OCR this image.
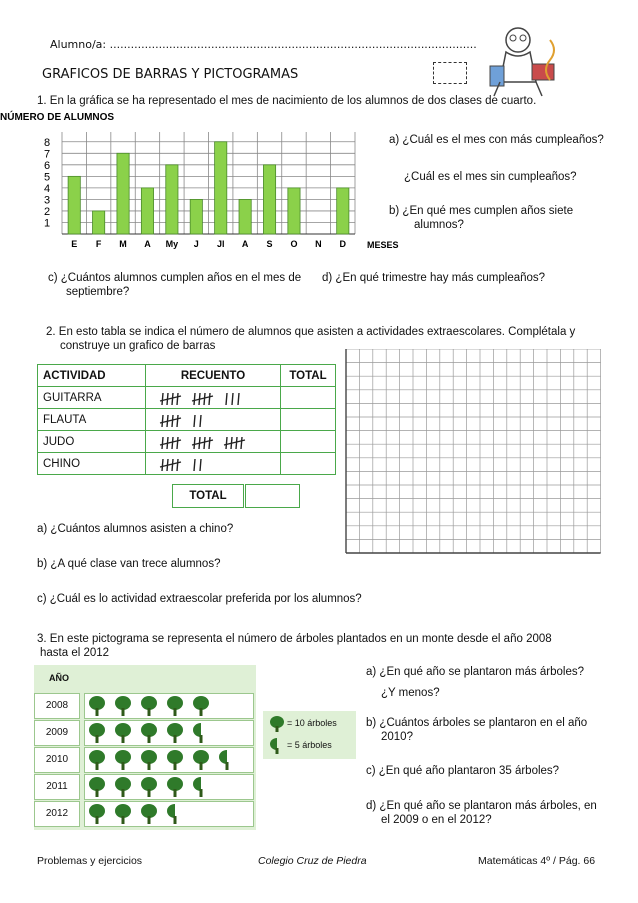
Alumno/a: .........................................................................................................
GRAFICOS DE BARRAS Y PICTOGRAMAS
1. En la gráfica se ha representado el mes de nacimiento de los alumnos de dos clases de cuarto.
NÚMERO DE ALUMNOS
1
2
3
4
5
6
7
8
E F M A My J Jl A S O N D MESES
a) ¿Cuál es el mes con más cumpleaños?
¿Cuál es el mes sin cumpleaños?
b) ¿En qué mes cumplen años siete
alumnos?
c) ¿Cuántos alumnos cumplen años en el mes de
septiembre?
d) ¿En qué trimestre hay más cumpleaños?
2. En esto tabla se indica el número de alumnos que asisten a actividades extraescolares. Complétala y
construye un grafico de barras
ACTIVIDAD	RECUENTO	TOTAL
GUITARRA		
FLAUTA		
JUDO		
CHINO		
TOTAL
a) ¿Cuántos alumnos asisten a chino?
b) ¿A qué clase van trece alumnos?
c) ¿Cuál es lo actividad extraescolar preferida por los alumnos?
3. En este pictograma se representa el número de árboles plantados en un monte desde el año 2008
hasta el 2012
AÑO
2008
2009
2010
2011
2012
= 10 árboles
= 5 árboles
a) ¿En qué año se plantaron más árboles?
¿Y menos?
b) ¿Cuántos árboles se plantaron en el año
2010?
c) ¿En qué año plantaron 35 árboles?
d) ¿En qué año se plantaron más árboles, en
el 2009 o en el 2012?
Problemas y ejercicios	Colegio Cruz de Piedra	Matemáticas 4º / Pág. 66
